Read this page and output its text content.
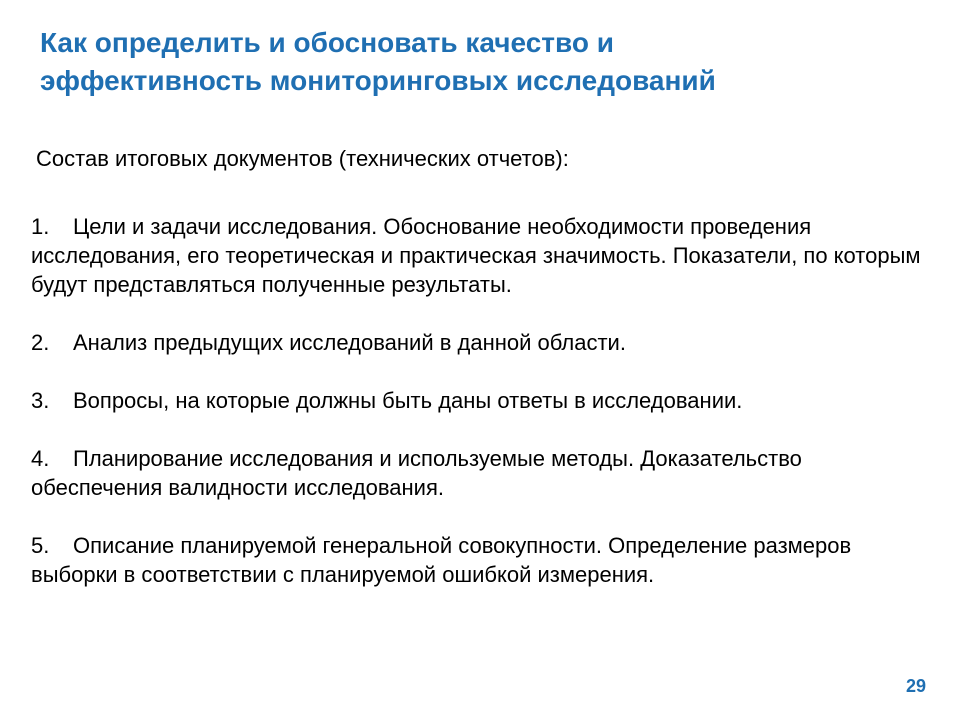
Как определить и обосновать качество и
эффективность мониторинговых исследований

Состав итоговых документов (технических отчетов):

1. Цели и задачи исследования. Обоснование необходимости проведения исследования, его теоретическая и практическая значимость. Показатели, по которым будут представляться полученные результаты.
2. Анализ предыдущих исследований в данной области.
3. Вопросы, на которые должны быть даны ответы в исследовании.
4. Планирование исследования и используемые методы. Доказательство обеспечения валидности исследования.
5. Описание планируемой генеральной совокупности. Определение размеров выборки в соответствии с планируемой ошибкой измерения.
29
